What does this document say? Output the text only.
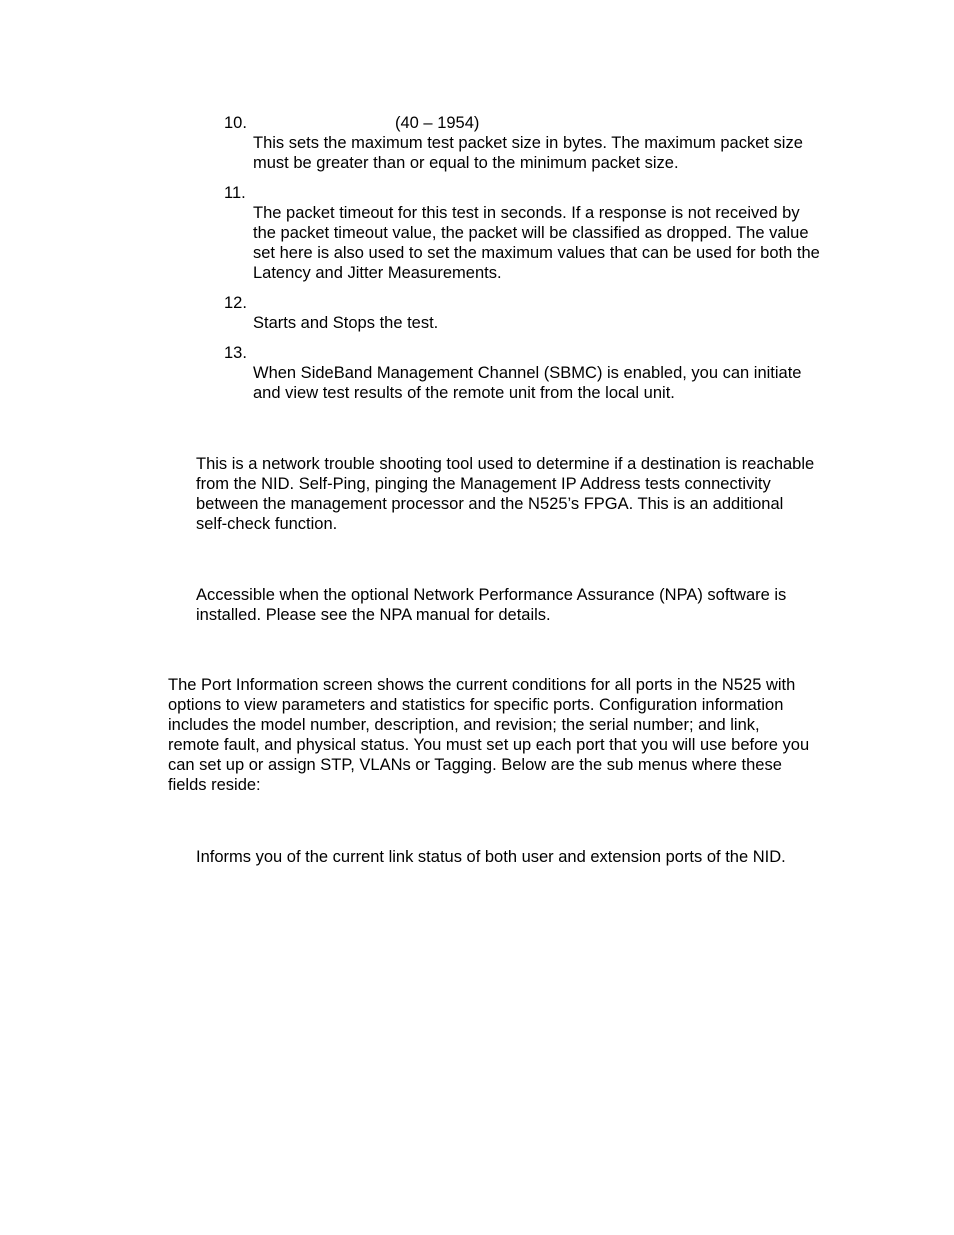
10.	(40 – 1954)
This sets the maximum test packet size in bytes. The maximum packet size
must be greater than or equal to the minimum packet size.
11.
The packet timeout for this test in seconds. If a response is not received by
the packet timeout value, the packet will be classified as dropped. The value
set here is also used to set the maximum values that can be used for both the
Latency and Jitter Measurements.
12.
Starts and Stops the test.
13.
When SideBand Management Channel (SBMC) is enabled, you can initiate
and view test results of the remote unit from the local unit.
This is a network trouble shooting tool used to determine if a destination is reachable
from the NID. Self-Ping, pinging the Management IP Address tests connectivity
between the management processor and the N525’s FPGA. This is an additional
self-check function.
Accessible when the optional Network Performance Assurance (NPA) software is
installed. Please see the NPA manual for details.
The Port Information screen shows the current conditions for all ports in the N525 with
options to view parameters and statistics for specific ports. Configuration information
includes the model number, description, and revision; the serial number; and link,
remote fault, and physical status. You must set up each port that you will use before you
can set up or assign STP, VLANs or Tagging. Below are the sub menus where these
fields reside:
Informs you of the current link status of both user and extension ports of the NID.
